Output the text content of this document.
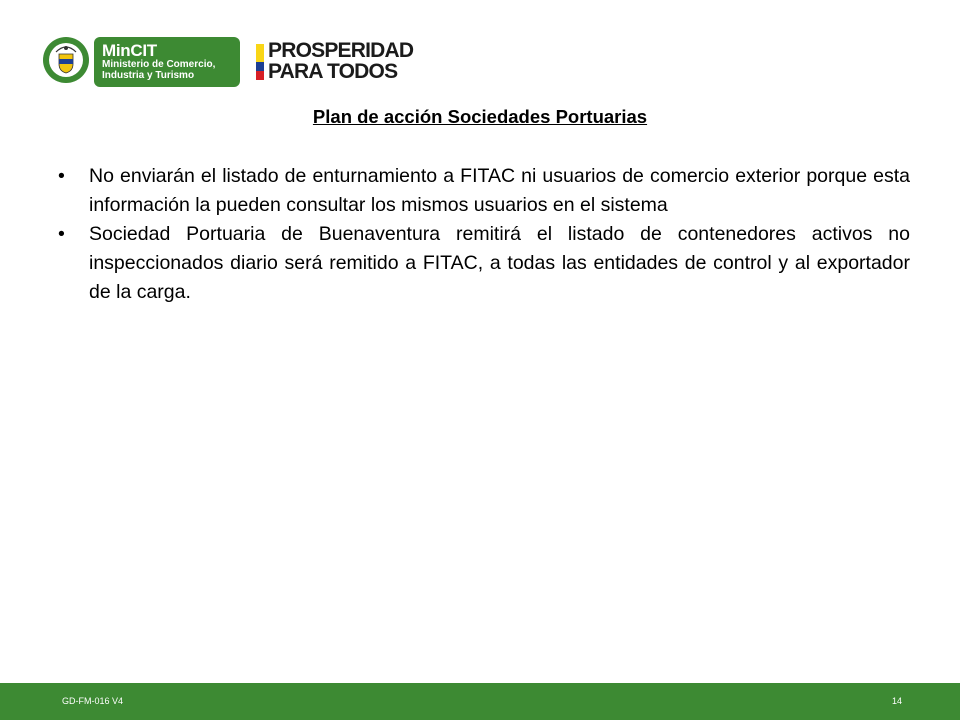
MinCIT
Ministerio de Comercio, Industria y Turismo
PROSPERIDAD
PARA TODOS
Plan de acción Sociedades Portuarias
• No enviarán el listado de enturnamiento a FITAC ni usuarios de comercio exterior porque esta información la pueden consultar los mismos usuarios en el sistema
• Sociedad Portuaria de Buenaventura remitirá el listado de contenedores activos no inspeccionados diario será remitido a FITAC, a todas las entidades de control y al exportador de la carga.
GD-FM-016 V4	14
